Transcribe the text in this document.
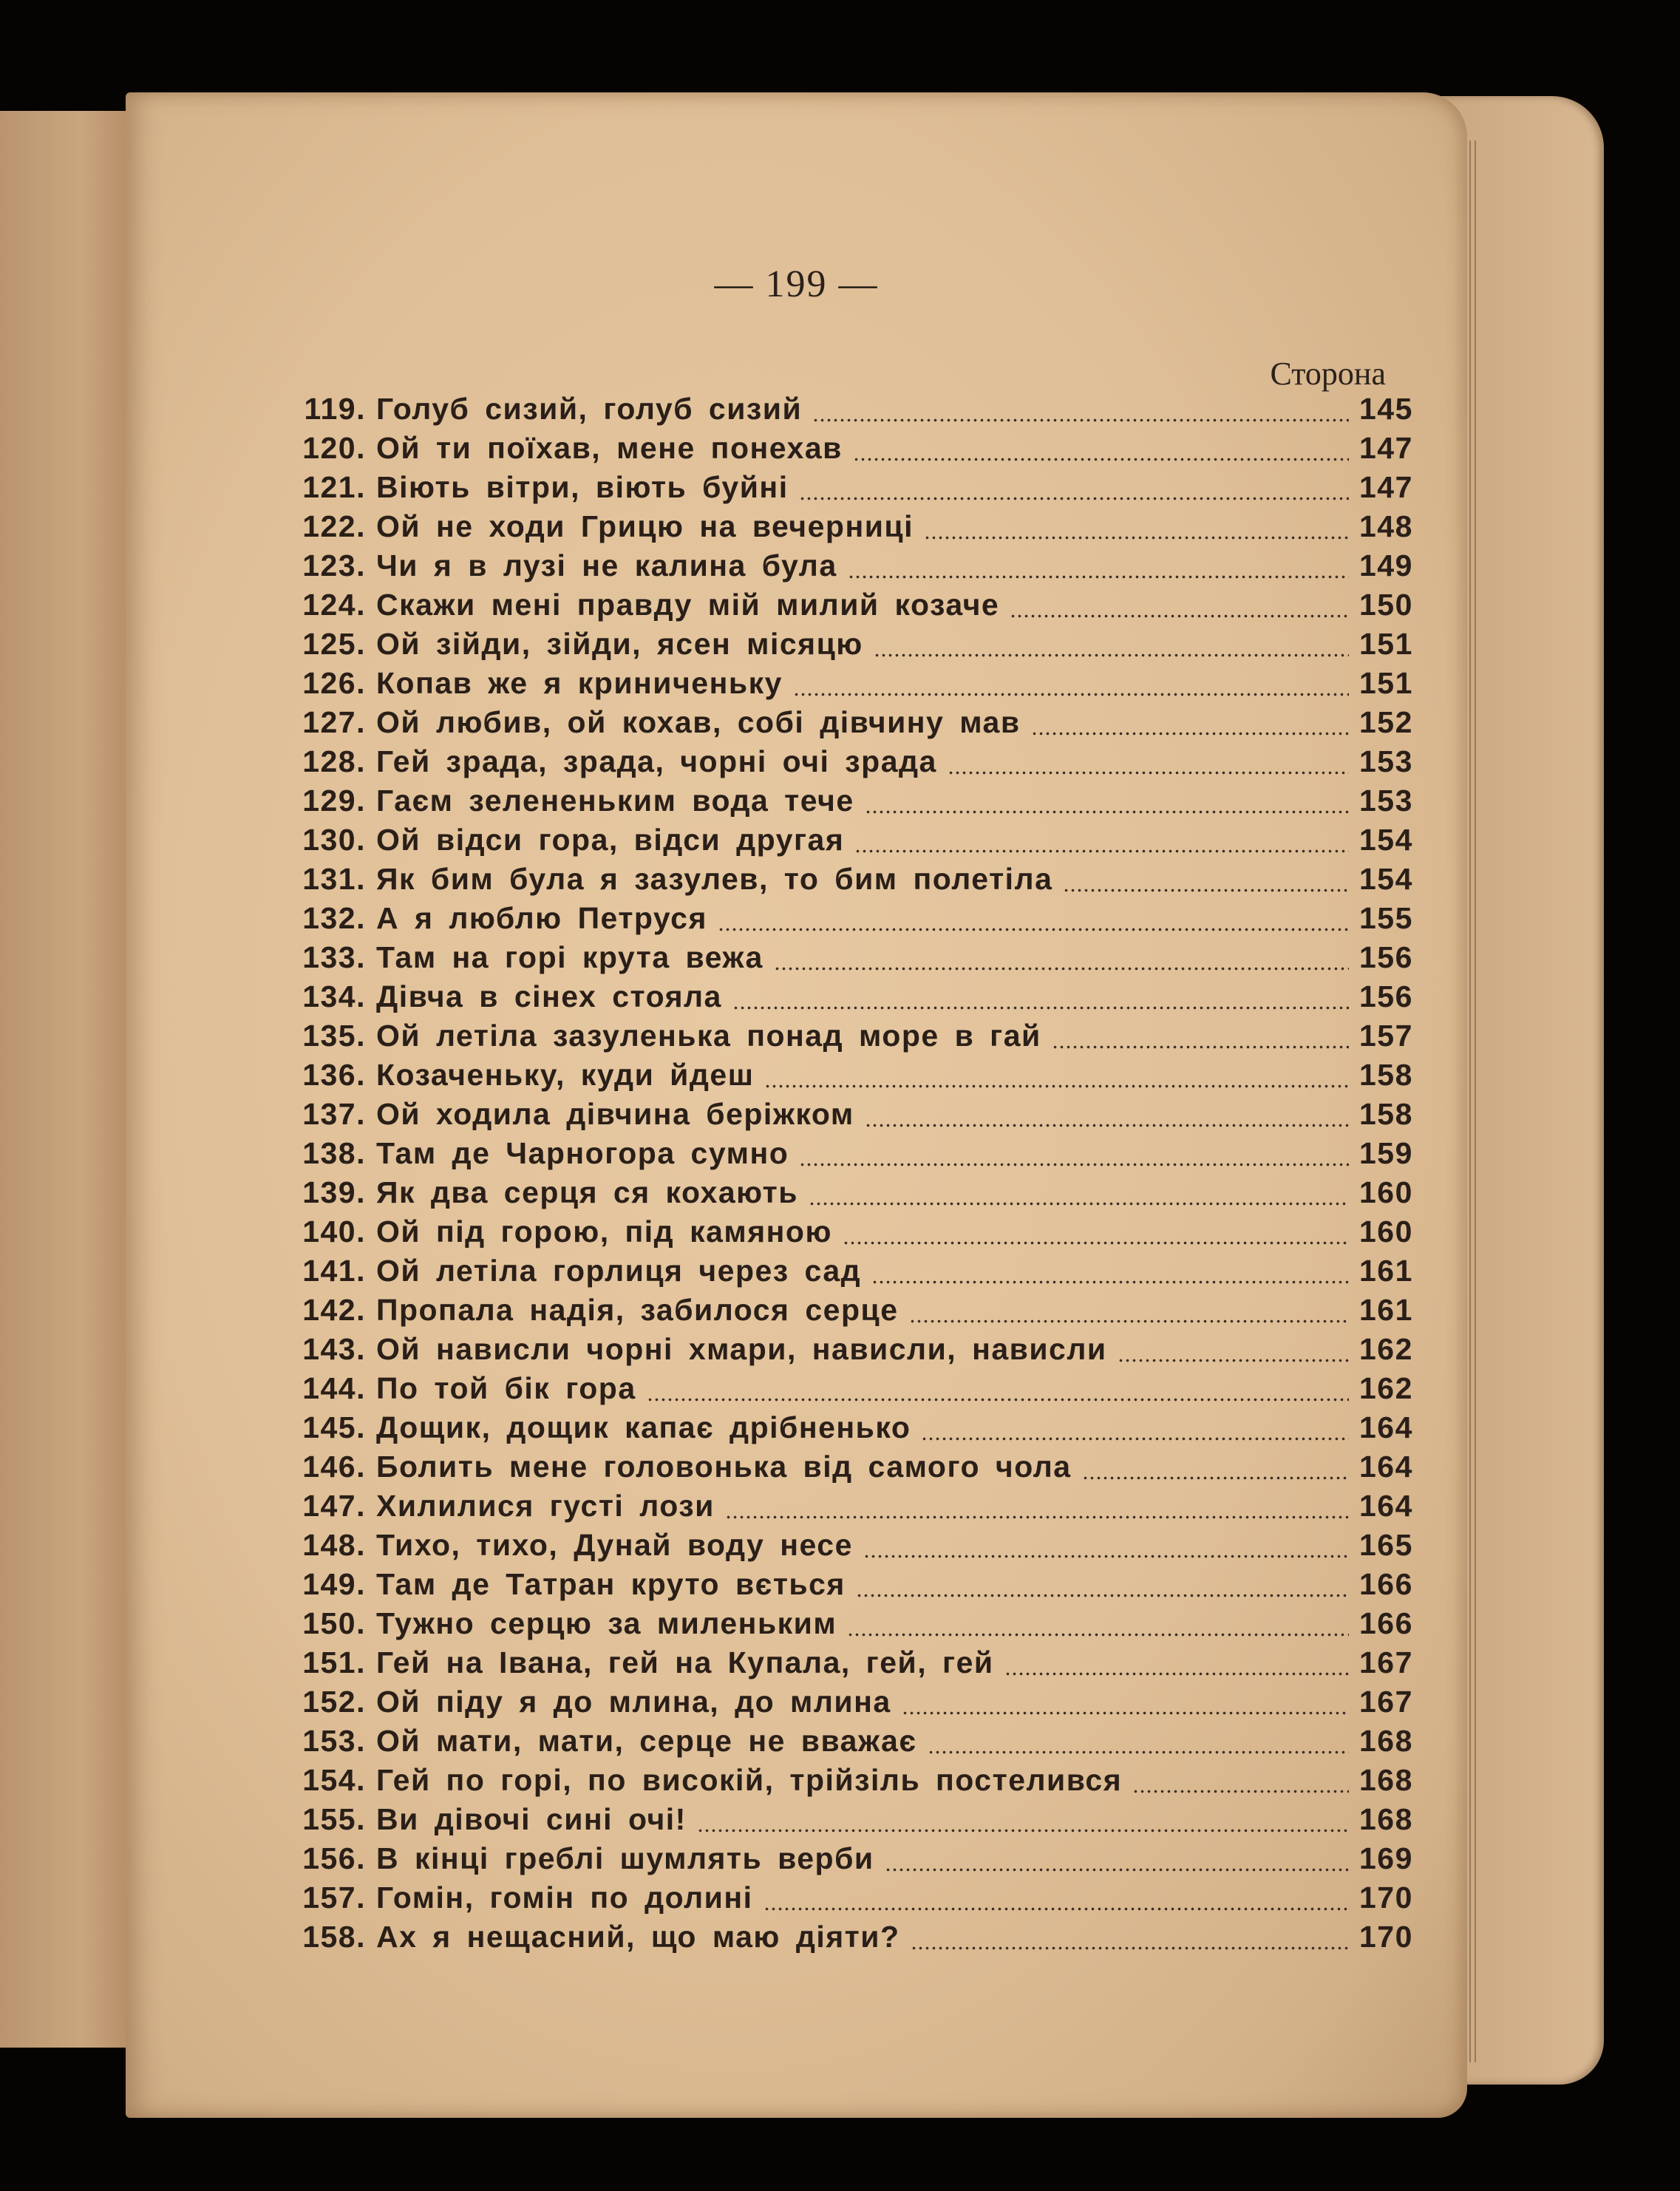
— 199 —
Сторона
119. Голуб сизий, голуб сизий	145
120. Ой ти поїхав, мене понехав	147
121. Віють вітри, віють буйні	147
122. Ой не ходи Грицю на вечерниці	148
123. Чи я в лузі не калина була	149
124. Скажи мені правду мій милий козаче	150
125. Ой зійди, зійди, ясен місяцю	151
126. Копав же я криниченьку	151
127. Ой любив, ой кохав, собі дівчину мав	152
128. Гей зрада, зрада, чорні очі зрада	153
129. Гаєм зелененьким вода тече	153
130. Ой відси гора, відси другая	154
131. Як бим була я зазулев, то бим полетіла	154
132. А я люблю Петруся	155
133. Там на горі крута вежа	156
134. Дівча в сінех стояла	156
135. Ой летіла зазуленька понад море в гай	157
136. Козаченьку, куди йдеш	158
137. Ой ходила дівчина беріжком	158
138. Там де Чарногора сумно	159
139. Як два серця ся кохають	160
140. Ой під горою, під камяною	160
141. Ой летіла горлиця через сад	161
142. Пропала надія, забилося серце	161
143. Ой нависли чорні хмари, нависли, нависли	162
144. По той бік гора	162
145. Дощик, дощик капає дрібненько	164
146. Болить мене головонька від самого чола	164
147. Хилилися густі лози	164
148. Тихо, тихо, Дунай воду несе	165
149. Там де Татран круто вється	166
150. Тужно серцю за миленьким	166
151. Гей на Івана, гей на Купала, гей, гей	167
152. Ой піду я до млина, до млина	167
153. Ой мати, мати, серце не вважає	168
154. Гей по горі, по високій, трійзіль постелився	168
155. Ви дівочі сині очі!	168
156. В кінці греблі шумлять верби	169
157. Гомін, гомін по долині	170
158. Ах я нещасний, що маю діяти?	170
